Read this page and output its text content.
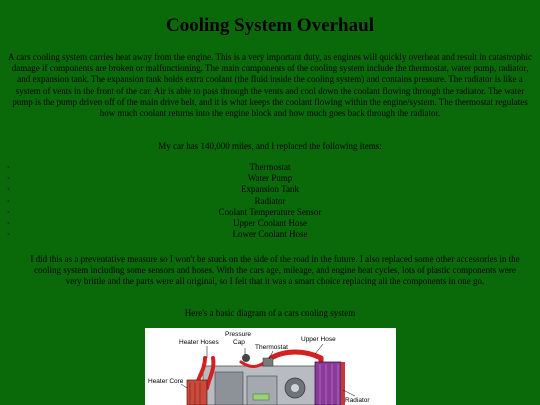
Cooling System Overhaul

A cars cooling system carries heat away from the engine. This is a very important duty, as engines will quickly overheat and result in catastrophic damage if components are broken or malfunctioning. The main components of the cooling system include the thermostat, water pump, radiator, and expansion tank. The expansion tank holds extra coolant (the fluid inside the cooling system) and contains pressure. The radiator is like a system of vents in the front of the car. Air is able to pass through the vents and cool down the coolant flowing through the radiator. The water pump is the pump driven off of the main drive belt, and it is what keeps the coolant flowing within the engine/system. The thermostat regulates how much coolant returns into the engine block and how much goes back through the radiator.

My car has 140,000 miles, and I replaced the following items:

•	Thermostat
•	Water Pump
•	Expansion Tank
•	Radiator
•	Coolant Temperature Sensor
•	Upper Coolant Hose
•	Lower Coolant Hose

I did this as a preventative measure so I won't be stuck on the side of the road in the future. I also replaced some other accessories in the cooling system including some sensors and hoses. With the cars age, mileage, and engine heat cycles, lots of plastic components were very brittle and the parts were all original, so I felt that it was a smart choice replacing all the components in one go.

Here's a basic diagram of a cars cooling system

Heater Hoses
Pressure
Cap
Thermostat
Upper Hose
Heater Core
Radiator
